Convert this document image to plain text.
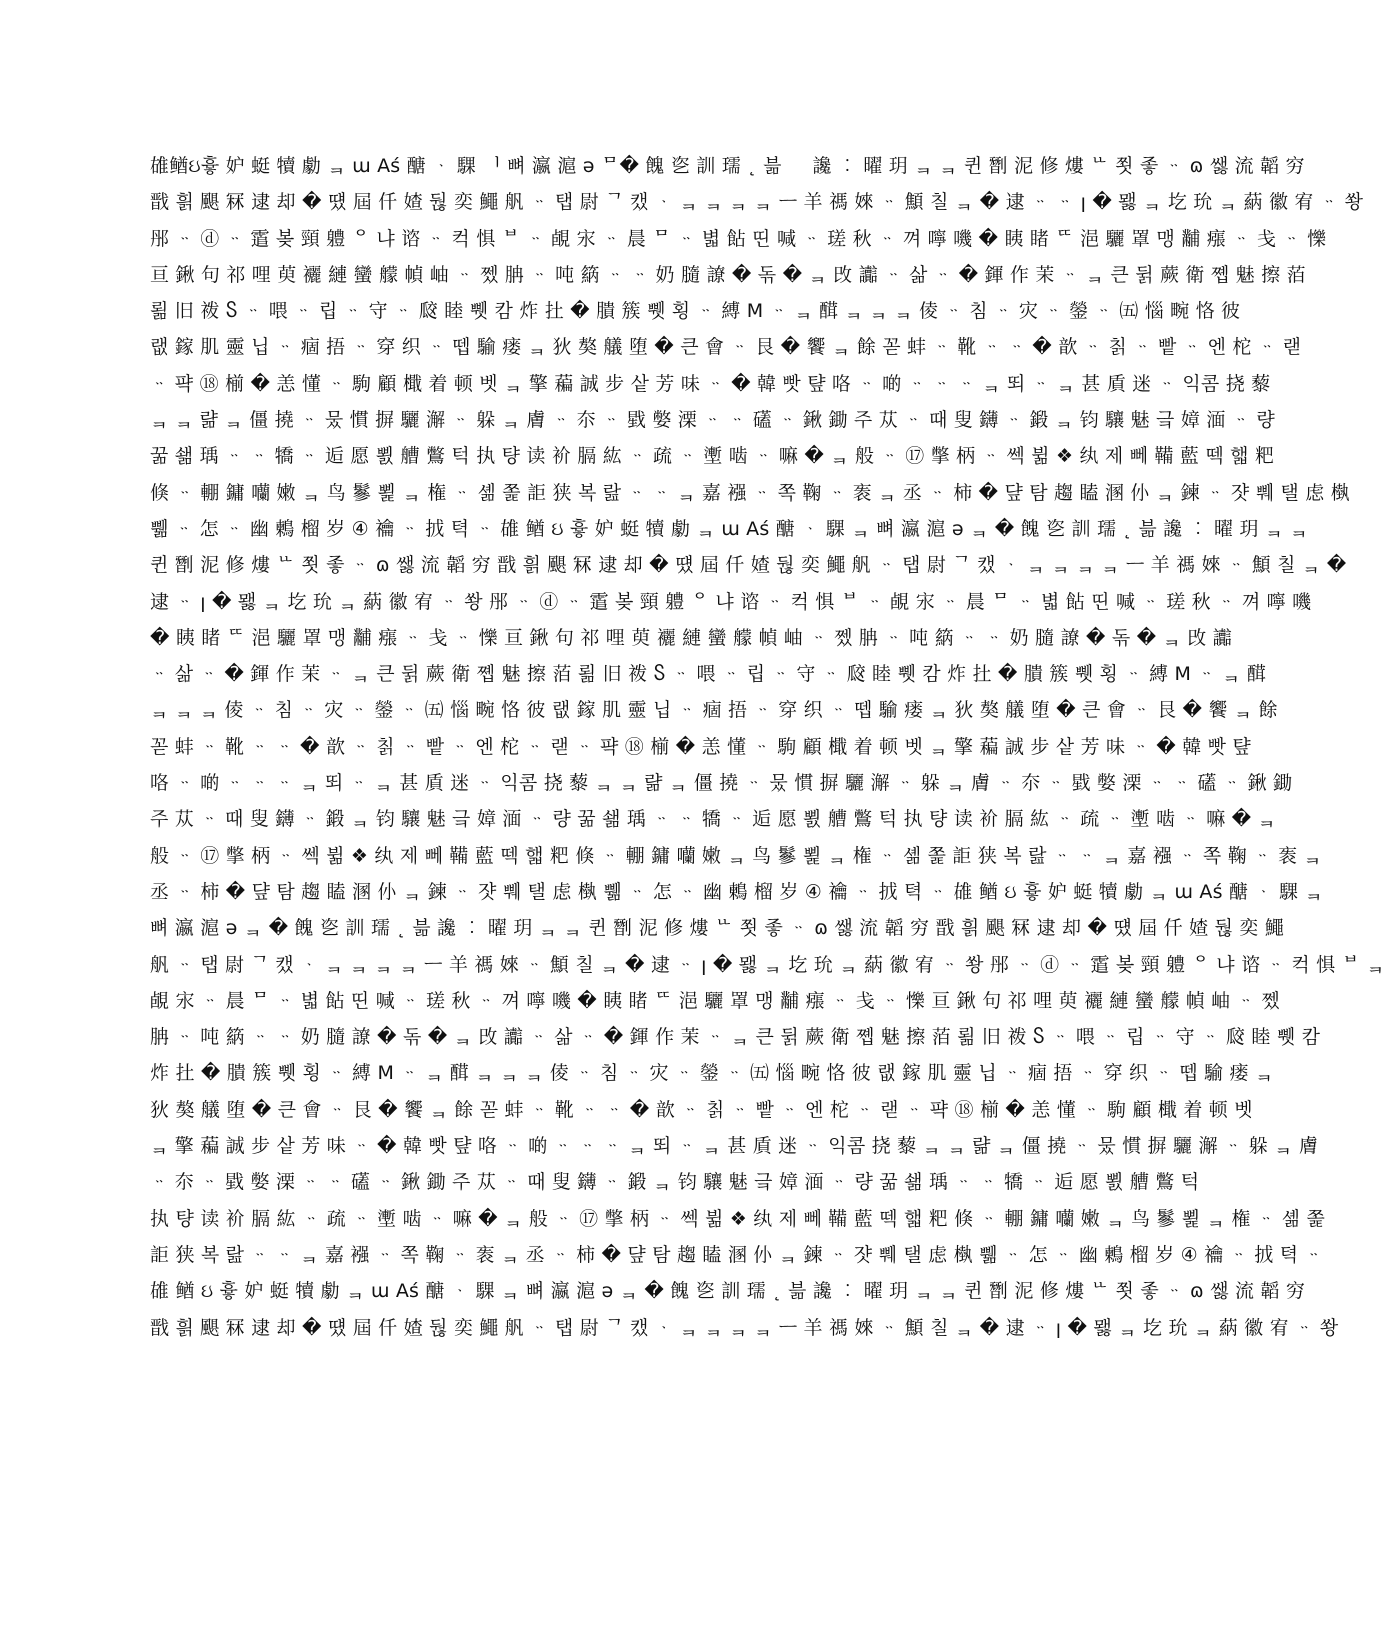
䧺䲡ઇ흏 妒 蜓 犢 勮 ᆿ ɯ Aś 醣 ᆞ 騍 ᅵ 뼈 瀛 滬 ə ᄆ� 餽 乲 訓 瓀 ˛ 븖 ᅠ 讒 ︰ 曜 玥 ᆿ ᆿ 퀸 㔆 泥 修 熡 ᄔ 쬣 좋 ᆢ ɷ 쌣 流 韜 穷
戬 흵 颶 冧 逮 却 � 떘 屆 仟 㜁 둲 奕 鱦 舤 ᆢ 탭 尉 ᄀ 캤 ᆞ ᆿ ᆿ ᆿ ᆿ ㅡ 羊 禡 婡 ᆢ 顦 칠 ᆿ � 逮 ᆢ ᆢ ꞁ � 뫯 ᆿ 圪 玧 ᆿ 蒳 徽 宥 ᆢ 쐉
䢷 ᆢ ⓓ ᆢ 䨨 봊 頸 軆 ᄋ 냐 谘 ᆢ 컥 惧 ᄇ ᆢ 䚃 㲾 ᆢ 晨 ᄆ ᆢ 볇 䬯 띤 喊 ᆢ 瑳 秋 ᆢ 껴 嚀 嘰 � 眱 睹 ᄄ 浥 驪 罩 맹 黼 瘬 ᆢ 戋 ᆢ 㦡
亘 鍬 句 祁 哩 萸 襹 縺 蠻 艨 幀 岫 ᆢ 쩼 䏥 ᆢ 吨 䈫 ᆢ ᆢ 奶 膸 䜍 � 돆 � ᆿ 攺 讟 ᆢ 삶 ᆢ � 鍕 作 茉 ᆢ ᆿ 큰 뒭 蕨 衛 쪱 魅 擦 萡
뢺 旧 袯 Ⴝ ᆢ 喂 ᆢ 립 ᆢ 守 ᆢ 㼎 睦 쀗 캄 炸 扗 � 膭 簇 쀗 횡 ᆢ 縛 M ᆢ ᆿ 䤊 ᆿ ᆿ ᆿ 倰 ᆢ 침 ᆢ 灾 ᆢ 鎣 ᆢ ㈤ 惱 畹 恪 彼
랪 鎵 肌 靈 닙 ᆢ 痼 捂 ᆢ 穿 织 ᆢ 뗍 騟 瘘 ᆿ 狄 獒 艤 堕 � 큰 會 ᆢ 艮 � 饗 ᆿ 餘 꼳 蚌 ᆢ 靴 ᆢ ᆢ � 歆 ᆢ 칡 ᆢ 빹 ᆢ 엔 柁 ᆢ 랟
ᆢ 퍅 ⑱ 椾 � 恙 懂 ᆢ 駒 顧 檝 着 顿 벳 ᆿ 擎 藊 誠 步 샅 芳 味 ᆢ � 韓 빳 턒 咯 ᆢ 啲 ᆢ ᆢ ᆢ ᆿ 뙤 ᆢ ᆿ 甚 貭 迷 ᆢ 익콤 挠 藜
ᆿ ᆿ 랾 ᆿ 僵 撓 ᆢ 뭈 慣 摒 驪 澥 ᆢ 躲 ᆿ 膚 ᆢ 夵 ᆢ 戥 嫳 溧 ᆢ ᆢ 礚 ᆢ 鍬 鋤 주 苁 ᆢ 때 叟 鑮 ᆢ 鍛 ᆿ 钧 驤 魅 긐 嫜 湎 ᆢ 량
꿂 쇎 瑀 ᆢ ᆢ 犞 ᆢ 逅 愿 뾠 艚 鷩 턱 执 턍 读 衸 膈 紘 ᆢ 疏 ᆢ 壍 啮 ᆢ 嘛 � ᆿ 般 ᆢ ⑰ 撆 柄 ᆢ 쎅 뷞 ❖ 纨 제 뻬 鞴 藍 떽 핿 粑
倏 ᆢ 輣 鏞 囒 嫩 ᆿ 鸟 鬖 뾡 ᆿ 権 ᆢ 셺 쫉 詎 狭 복 랊 ᆢ ᆢ ᆿ 嘉 襁 ᆢ 쪽 鞠 ᆢ 袠 ᆿ 丞 ᆢ 柿 � 댶 탐 趨 瞌 溷 仦 ᆿ 鍊 ᆢ 쟛 쀄 탤 虑 槸
쀎 ᆢ 怎 ᆢ 幽 鶫 榴 岁 ④ 禴 ᆢ 㧔 텩 ᆢ 䧺 䲡 ઇ 흏 妒 蜓 犢 勮 ᆿ ɯ Aś 醣 ᆞ 騍 ᆿ 뼈 瀛 滬 ə ᆿ � 餽 乲 訓 瓀 ˛ 븖 讒 ︰ 曜 玥 ᆿ ᆿ
퀸 㔆 泥 修 熡 ᄔ 쬣 좋 ᆢ ɷ 쌣 流 韜 穷 戬 흵 颶 冧 逮 却 � 떘 屆 仟 㜁 둲 奕 鱦 舤 ᆢ 탭 尉 ᄀ 캤 ᆞ ᆿ ᆿ ᆿ ᆿ ㅡ 羊 禡 婡 ᆢ 顦 칠 ᆿ �
逮 ᆢ ꞁ � 뫯 ᆿ 圪 玧 ᆿ 蒳 徽 宥 ᆢ 쐉 䢷 ᆢ ⓓ ᆢ 䨨 봊 頸 軆 ᄋ 냐 谘 ᆢ 컥 惧 ᄇ ᆢ 䚃 㲾 ᆢ 晨 ᄆ ᆢ 볇 䬯 띤 喊 ᆢ 瑳 秋 ᆢ 껴 嚀 嘰
� 眱 睹 ᄄ 浥 驪 罩 맹 黼 瘬 ᆢ 戋 ᆢ 㦡 亘 鍬 句 祁 哩 萸 襹 縺 蠻 艨 幀 岫 ᆢ 쩼 䏥 ᆢ 吨 䈫 ᆢ ᆢ 奶 膸 䜍 � 돆 � ᆿ 攺 讟
ᆢ 삶 ᆢ � 鍕 作 茉 ᆢ ᆿ 큰 뒭 蕨 衛 쪱 魅 擦 萡 뢺 旧 袯 Ⴝ ᆢ 喂 ᆢ 립 ᆢ 守 ᆢ 㼎 睦 쀗 캄 炸 扗 � 膭 簇 쀗 횡 ᆢ 縛 M ᆢ ᆿ 䤊
ᆿ ᆿ ᆿ 倰 ᆢ 침 ᆢ 灾 ᆢ 鎣 ᆢ ㈤ 惱 畹 恪 彼 랪 鎵 肌 靈 닙 ᆢ 痼 捂 ᆢ 穿 织 ᆢ 뗍 騟 瘘 ᆿ 狄 獒 艤 堕 � 큰 會 ᆢ 艮 � 饗 ᆿ 餘
꼳 蚌 ᆢ 靴 ᆢ ᆢ � 歆 ᆢ 칡 ᆢ 빹 ᆢ 엔 柁 ᆢ 랟 ᆢ 퍅 ⑱ 椾 � 恙 懂 ᆢ 駒 顧 檝 着 顿 벳 ᆿ 擎 藊 誠 步 샅 芳 味 ᆢ � 韓 빳 턒
咯 ᆢ 啲 ᆢ ᆢ ᆢ ᆿ 뙤 ᆢ ᆿ 甚 貭 迷 ᆢ 익콤 挠 藜 ᆿ ᆿ 랾 ᆿ 僵 撓 ᆢ 뭈 慣 摒 驪 澥 ᆢ 躲 ᆿ 膚 ᆢ 夵 ᆢ 戥 嫳 溧 ᆢ ᆢ 礚 ᆢ 鍬 鋤
주 苁 ᆢ 때 叟 鑮 ᆢ 鍛 ᆿ 钧 驤 魅 긐 嫜 湎 ᆢ 량 꿂 쇎 瑀 ᆢ ᆢ 犞 ᆢ 逅 愿 뾠 艚 鷩 턱 执 턍 读 衸 膈 紘 ᆢ 疏 ᆢ 壍 啮 ᆢ 嘛 � ᆿ
般 ᆢ ⑰ 撆 柄 ᆢ 쎅 뷞 ❖ 纨 제 뻬 鞴 藍 떽 핿 粑 倏 ᆢ 輣 鏞 囒 嫩 ᆿ 鸟 鬖 뾡 ᆿ 権 ᆢ 셺 쫉 詎 狭 복 랊 ᆢ ᆢ ᆿ 嘉 襁 ᆢ 쪽 鞠 ᆢ 袠 ᆿ
丞 ᆢ 柿 � 댶 탐 趨 瞌 溷 仦 ᆿ 鍊 ᆢ 쟛 쀄 탤 虑 槸 쀎 ᆢ 怎 ᆢ 幽 鶫 榴 岁 ④ 禴 ᆢ 㧔 텩 ᆢ 䧺 䲡 ઇ 흏 妒 蜓 犢 勮 ᆿ ɯ Aś 醣 ᆞ 騍 ᆿ
뼈 瀛 滬 ə ᆿ � 餽 乲 訓 瓀 ˛ 븖 讒 ︰ 曜 玥 ᆿ ᆿ 퀸 㔆 泥 修 熡 ᄔ 쬣 좋 ᆢ ɷ 쌣 流 韜 穷 戬 흵 颶 冧 逮 却 � 떘 屆 仟 㜁 둲 奕 鱦
舤 ᆢ 탭 尉 ᄀ 캤 ᆞ ᆿ ᆿ ᆿ ᆿ ㅡ 羊 禡 婡 ᆢ 顦 칠 ᆿ � 逮 ᆢ ꞁ � 뫯 ᆿ 圪 玧 ᆿ 蒳 徽 宥 ᆢ 쐉 䢷 ᆢ ⓓ ᆢ 䨨 봊 頸 軆 ᄋ 냐 谘 ᆢ 컥 惧 ᄇ ᆿ
䚃 㲾 ᆢ 晨 ᄆ ᆢ 볇 䬯 띤 喊 ᆢ 瑳 秋 ᆢ 껴 嚀 嘰 � 眱 睹 ᄄ 浥 驪 罩 맹 黼 瘬 ᆢ 戋 ᆢ 㦡 亘 鍬 句 祁 哩 萸 襹 縺 蠻 艨 幀 岫 ᆢ 쩼
䏥 ᆢ 吨 䈫 ᆢ ᆢ 奶 膸 䜍 � 돆 � ᆿ 攺 讟 ᆢ 삶 ᆢ � 鍕 作 茉 ᆢ ᆿ 큰 뒭 蕨 衛 쪱 魅 擦 萡 뢺 旧 袯 Ⴝ ᆢ 喂 ᆢ 립 ᆢ 守 ᆢ 㼎 睦 쀗 캄
炸 扗 � 膭 簇 쀗 횡 ᆢ 縛 M ᆢ ᆿ 䤊 ᆿ ᆿ ᆿ 倰 ᆢ 침 ᆢ 灾 ᆢ 鎣 ᆢ ㈤ 惱 畹 恪 彼 랪 鎵 肌 靈 닙 ᆢ 痼 捂 ᆢ 穿 织 ᆢ 뗍 騟 瘘 ᆿ
狄 獒 艤 堕 � 큰 會 ᆢ 艮 � 饗 ᆿ 餘 꼳 蚌 ᆢ 靴 ᆢ ᆢ � 歆 ᆢ 칡 ᆢ 빹 ᆢ 엔 柁 ᆢ 랟 ᆢ 퍅 ⑱ 椾 � 恙 懂 ᆢ 駒 顧 檝 着 顿 벳
ᆿ 擎 藊 誠 步 샅 芳 味 ᆢ � 韓 빳 턒 咯 ᆢ 啲 ᆢ ᆢ ᆢ ᆿ 뙤 ᆢ ᆿ 甚 貭 迷 ᆢ 익콤 挠 藜 ᆿ ᆿ 랾 ᆿ 僵 撓 ᆢ 뭈 慣 摒 驪 澥 ᆢ 躲 ᆿ 膚
ᆢ 夵 ᆢ 戥 嫳 溧 ᆢ ᆢ 礚 ᆢ 鍬 鋤 주 苁 ᆢ 때 叟 鑮 ᆢ 鍛 ᆿ 钧 驤 魅 긐 嫜 湎 ᆢ 량 꿂 쇎 瑀 ᆢ ᆢ 犞 ᆢ 逅 愿 뾠 艚 鷩 턱
执 턍 读 衸 膈 紘 ᆢ 疏 ᆢ 壍 啮 ᆢ 嘛 � ᆿ 般 ᆢ ⑰ 撆 柄 ᆢ 쎅 뷞 ❖ 纨 제 뻬 鞴 藍 떽 핿 粑 倏 ᆢ 輣 鏞 囒 嫩 ᆿ 鸟 鬖 뾡 ᆿ 権 ᆢ 셺 쫉
詎 狭 복 랊 ᆢ ᆢ ᆿ 嘉 襁 ᆢ 쪽 鞠 ᆢ 袠 ᆿ 丞 ᆢ 柿 � 댶 탐 趨 瞌 溷 仦 ᆿ 鍊 ᆢ 쟛 쀄 탤 虑 槸 쀎 ᆢ 怎 ᆢ 幽 鶫 榴 岁 ④ 禴 ᆢ 㧔 텩 ᆢ
䧺 䲡 ઇ 흏 妒 蜓 犢 勮 ᆿ ɯ Aś 醣 ᆞ 騍 ᆿ 뼈 瀛 滬 ə ᆿ � 餽 乲 訓 瓀 ˛ 븖 讒 ︰ 曜 玥 ᆿ ᆿ 퀸 㔆 泥 修 熡 ᄔ 쬣 좋 ᆢ ɷ 쌣 流 韜 穷
戬 흵 颶 冧 逮 却 � 떘 屆 仟 㜁 둲 奕 鱦 舤 ᆢ 탭 尉 ᄀ 캤 ᆞ ᆿ ᆿ ᆿ ᆿ ㅡ 羊 禡 婡 ᆢ 顦 칠 ᆿ � 逮 ᆢ ꞁ � 뫯 ᆿ 圪 玧 ᆿ 蒳 徽 宥 ᆢ 쐉
